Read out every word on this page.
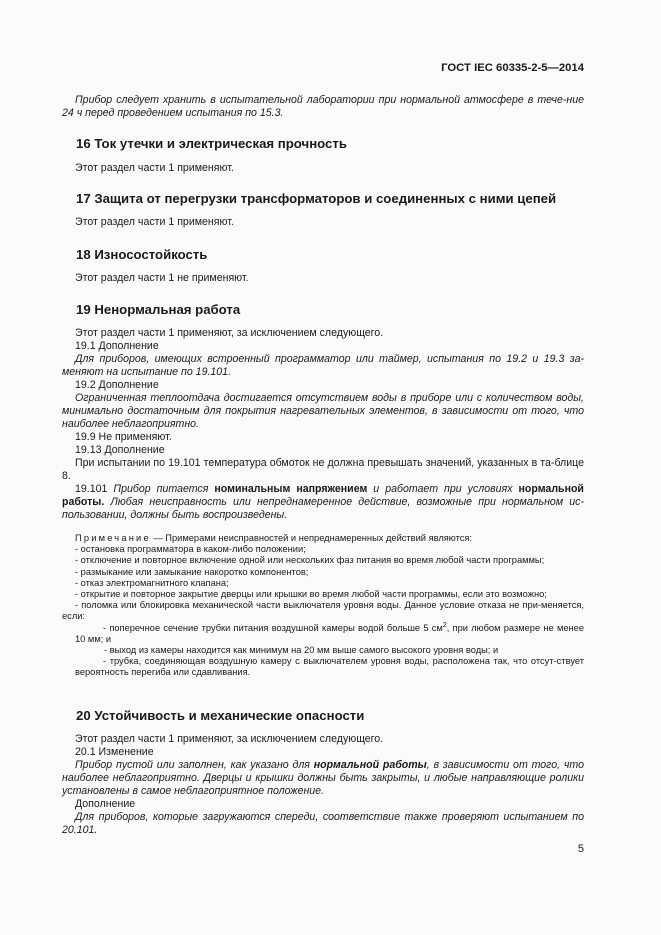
ГОСТ IEC 60335-2-5—2014

Прибор следует хранить в испытательной лаборатории при нормальной атмосфере в тече-ние 24 ч перед проведением испытания по 15.3.

16 Ток утечки и электрическая прочность

Этот раздел части 1 применяют.

17 Защита от перегрузки трансформаторов и соединенных с ними цепей

Этот раздел части 1 применяют.

18 Износостойкость

Этот раздел части 1 не применяют.

19 Ненормальная работа

Этот раздел части 1 применяют, за исключением следующего.

19.1 Дополнение

Для приборов, имеющих встроенный программатор или таймер, испытания по 19.2 и 19.3 за-меняют на испытание по 19.101.

19.2 Дополнение

Ограниченная теплоотдача достигается отсутствием воды в приборе или с количеством воды, минимально достаточным для покрытия нагревательных элементов, в зависимости от того, что наиболее неблагоприятно.

19.9 Не применяют.

19.13 Дополнение

При испытании по 19.101 температура обмоток не должна превышать значений, указанных в та-блице 8.

19.101 Прибор питается номинальным напряжением и работает при условиях нормальной работы. Любая неисправность или непреднамеренное действие, возможные при нормальном ис-пользовании, должны быть воспроизведены.

Примечание — Примерами неисправностей и непреднамеренных действий являются:

- остановка программатора в каком-либо положении;

- отключение и повторное включение одной или нескольких фаз питания во время любой части программы;

- размыкание или замыкание накоротко компонентов;

- отказ электромагнитного клапана;

- открытие и повторное закрытие дверцы или крышки во время любой части программы, если это возможно;

- поломка или блокировка механической части выключателя уровня воды. Данное условие отказа не при-меняется, если:

- поперечное сечение трубки питания воздушной камеры водой больше 5 $см^2$, при любом размере не менее 10 мм; и

- выход из камеры находится как минимум на 20 мм выше самого высокого уровня воды; и

- трубка, соединяющая воздушную камеру с выключателем уровня воды, расположена так, что отсут-ствует вероятность перегиба или сдавливания.

20 Устойчивость и механические опасности

Этот раздел части 1 применяют, за исключением следующего.

20.1 Изменение

Прибор пустой или заполнен, как указано для нормальной работы, в зависимости от того, что наиболее неблагоприятно. Дверцы и крышки должны быть закрыты, и любые направляющие ролики установлены в самое неблагоприятное положение.

Дополнение

Для приборов, которые загружаются спереди, соответствие также проверяют испытанием по 20.101.

5
